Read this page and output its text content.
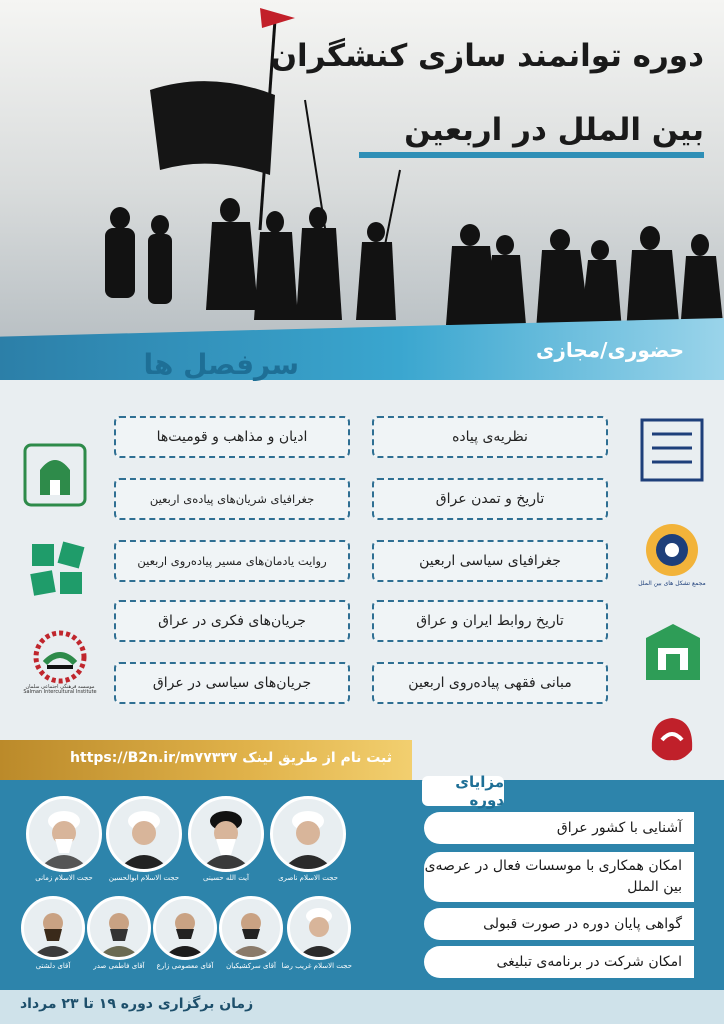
دوره توانمند سازی کنشگران
بین الملل در اربعین
حضوری/مجازی
سرفصل ها
نظریه‌ی پیاده
تاریخ و تمدن عراق
جغرافیای سیاسی اربعین
تاریخ روابط ایران و عراق
مبانی فقهی پیاده‌روی اربعین
ادیان و مذاهب و قومیت‌ها
جغرافیای شریان‌های پیاده‌ی اربعین
روایت یادمان‌های مسیر پیاده‌روی اربعین
جریان‌های فکری در عراق
جریان‌های سیاسی در عراق
موسسه فرهنگی اجتماعی سلمان Salman Intercultural Institute
مجمع تشکل های بین الملل
ثبت نام از طریق لینک https://B2n.ir/m۷۷۳۳۷
مزایای دوره
آشنایی با کشور عراق
امکان همکاری با موسسات فعال در عرصه‌ی بین الملل
گواهی پایان دوره در صورت قبولی
امکان شرکت در برنامه‌ی تبلیغی
حجت الاسلام ناصری
آیت الله حسینی
حجت الاسلام ابوالحسین
حجت الاسلام زمانی
حجت الاسلام غریب رضا
آقای سرکشیکیان
آقای معصومی زارع
آقای فاطمی صدر
آقای دلشتی
زمان برگزاری دوره ۱۹ تا ۲۳ مرداد
